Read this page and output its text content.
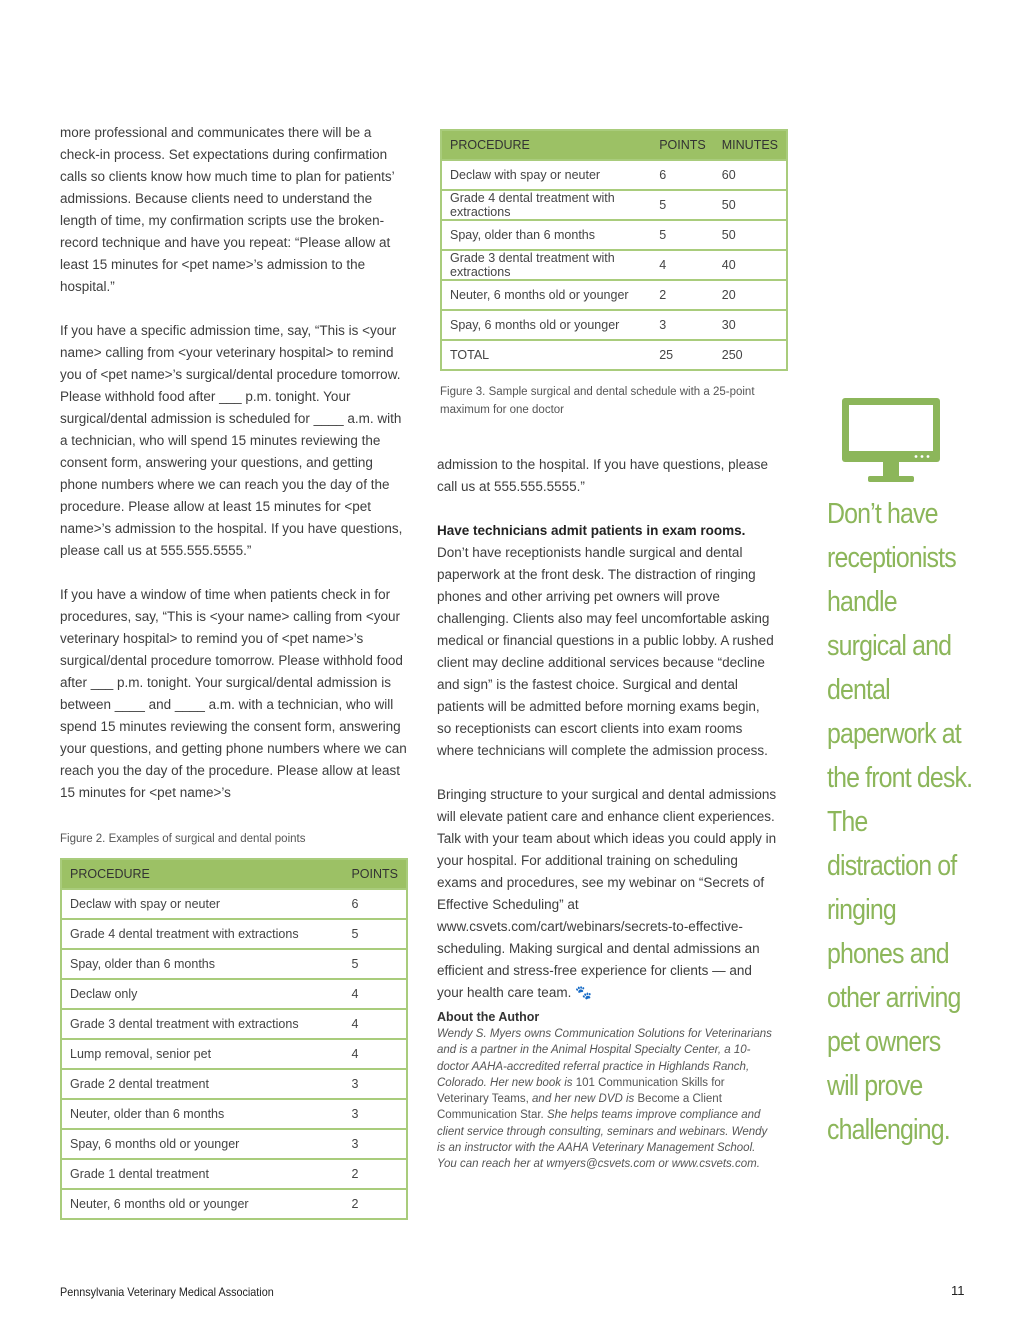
more professional and communicates there will be a check-in process. Set expectations during confirmation calls so clients know how much time to plan for patients’ admissions. Because clients need to understand the length of time, my confirmation scripts use the broken-record technique and have you repeat: “Please allow at least 15 minutes for <pet name>’s admission to the hospital.”

If you have a specific admission time, say, “This is <your name> calling from <your veterinary hospital> to remind you of <pet name>’s surgical/dental procedure tomorrow. Please withhold food after ___ p.m. tonight. Your surgical/dental admission is scheduled for ____ a.m. with a technician, who will spend 15 minutes reviewing the consent form, answering your questions, and getting phone numbers where we can reach you the day of the procedure. Please allow at least 15 minutes for <pet name>’s admission to the hospital. If you have questions, please call us at 555.555.5555.”

If you have a window of time when patients check in for procedures, say, “This is <your name> calling from <your veterinary hospital> to remind you of <pet name>’s surgical/dental procedure tomorrow. Please withhold food after ___ p.m. tonight. Your surgical/dental admission is between ____ and ____ a.m. with a technician, who will spend 15 minutes reviewing the consent form, answering your questions, and getting phone numbers where we can reach you the day of the procedure. Please allow at least 15 minutes for <pet name>’s

PROCEDURE	POINTS	MINUTES
Declaw with spay or neuter	6	60
Grade 4 dental treatment with extractions	5	50
Spay, older than 6 months	5	50
Grade 3 dental treatment with extractions	4	40
Neuter, 6 months old or younger	2	20
Spay, 6 months old or younger	3	30
TOTAL	25	250
Figure 3. Sample surgical and dental schedule with a 25-point maximum for one doctor
Figure 2. Examples of surgical and dental points
PROCEDURE	POINTS
Declaw with spay or neuter	6
Grade 4 dental treatment with extractions	5
Spay, older than 6 months	5
Declaw only	4
Grade 3 dental treatment with extractions	4
Lump removal, senior pet	4
Grade 2 dental treatment	3
Neuter, older than 6 months	3
Spay, 6 months old or younger	3
Grade 1 dental treatment	2
Neuter, 6 months old or younger	2

admission to the hospital. If you have questions, please call us at 555.555.5555.”

Have technicians admit patients in exam rooms. Don’t have receptionists handle surgical and dental paperwork at the front desk. The distraction of ringing phones and other arriving pet owners will prove challenging. Clients also may feel uncomfortable asking medical or financial questions in a public lobby. A rushed client may decline additional services because “decline and sign” is the fastest choice. Surgical and dental patients will be admitted before morning exams begin, so receptionists can escort clients into exam rooms where technicians will complete the admission process.

Bringing structure to your surgical and dental admissions will elevate patient care and enhance client experiences. Talk with your team about which ideas you could apply in your hospital. For additional training on scheduling exams and procedures, see my webinar on “Secrets of Effective Scheduling” at www.csvets.com/cart/webinars/secrets-to-effective-scheduling. Making surgical and dental admissions an efficient and stress-free experience for clients — and your health care team. 🐾

About the Author
Wendy S. Myers owns Communication Solutions for Veterinarians and is a partner in the Animal Hospital Specialty Center, a 10-doctor AAHA-accredited referral practice in Highlands Ranch, Colorado. Her new book is 101 Communication Skills for Veterinary Teams, and her new DVD is Become a Client Communication Star. She helps teams improve compliance and client service through consulting, seminars and webinars. Wendy is an instructor with the AAHA Veterinary Management School. You can reach her at wmyers@csvets.com or www.csvets.com.
Don’t have receptionists handle surgical and dental paperwork at the front desk. The distraction of ringing phones and other arriving pet owners will prove challenging.
Pennsylvania Veterinary Medical Association	11
